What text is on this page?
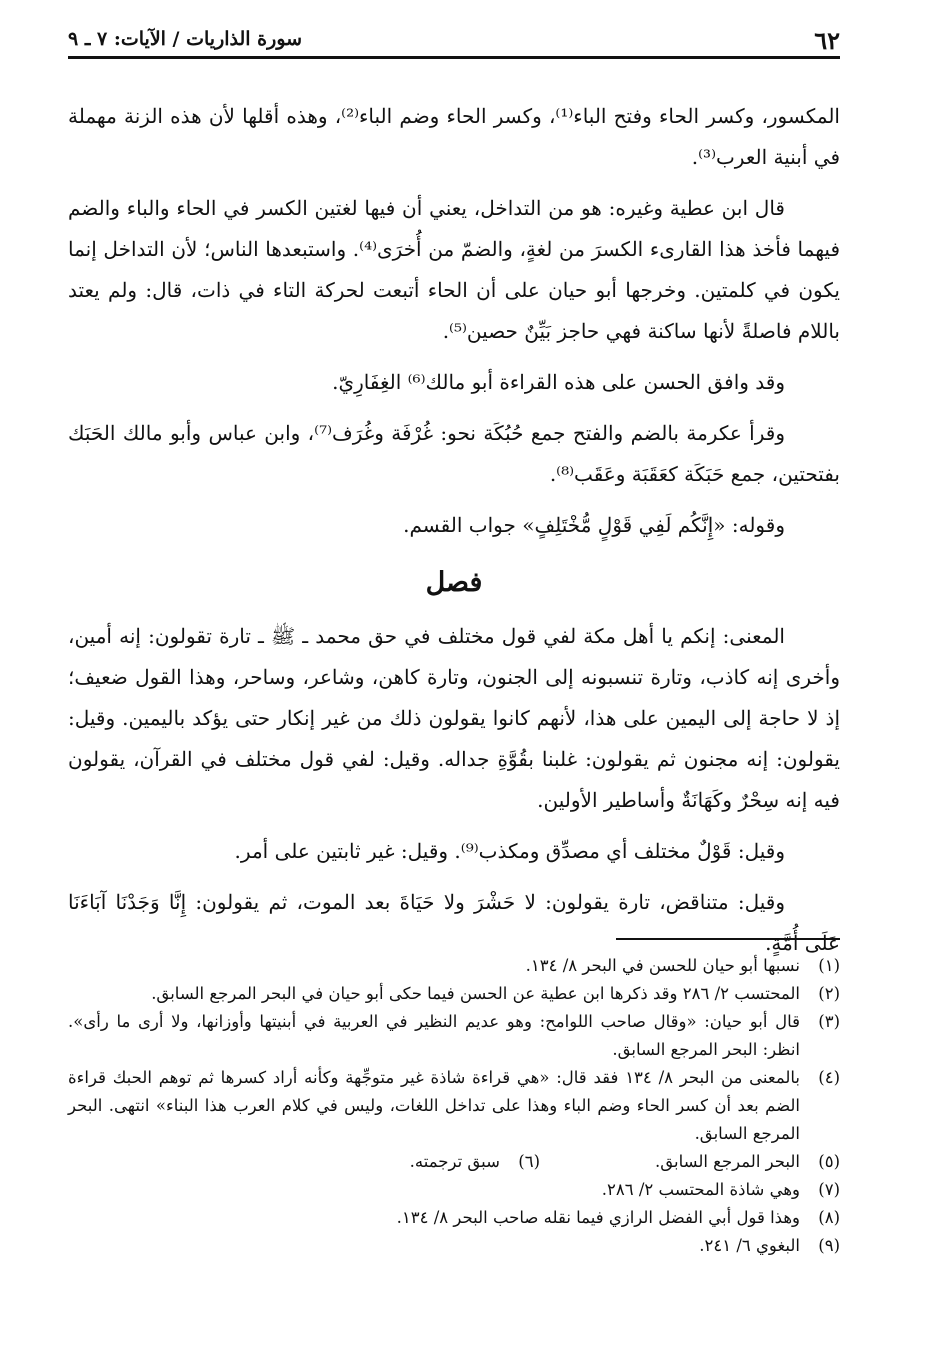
٦٢
سورة الذاريات / الآيات: ٧ ـ ٩

المكسور، وكسر الحاء وفتح الباء⁽¹⁾، وكسر الحاء وضم الباء⁽²⁾، وهذه أقلها لأن هذه الزنة مهملة في أبنية العرب⁽³⁾.

قال ابن عطية وغيره: هو من التداخل، يعني أن فيها لغتين الكسر في الحاء والباء والضم فيهما فأخذ هذا القارىء الكسرَ من لغةٍ، والضمّ من أُخرَى⁽⁴⁾. واستبعدها الناس؛ لأن التداخل إنما يكون في كلمتين. وخرجها أبو حيان على أن الحاء أتبعت لحركة التاء في ذات، قال: ولم يعتد باللام فاصلةً لأنها ساكنة فهي حاجز بَيِّنٌ حصين⁽⁵⁾.

وقد وافق الحسن على هذه القراءة أبو مالك⁽⁶⁾ الغِفَارِيّ.

وقرأ عكرمة بالضم والفتح جمع حُبُكَة نحو: غُرْفَة وغُرَف⁽⁷⁾، وابن عباس وأبو مالك الحَبَك بفتحتين، جمع حَبَكَة كعَقَبَة وعَقَب⁽⁸⁾.

وقوله: «إِنَّكُم لَفِي قَوْلٍ مُّخْتَلِفٍ» جواب القسم.

فصل

المعنى: إنكم يا أهل مكة لفي قول مختلف في حق محمد ـ ﷺ ـ تارة تقولون: إنه أمين، وأخرى إنه كاذب، وتارة تنسبونه إلى الجنون، وتارة كاهن، وشاعر، وساحر، وهذا القول ضعيف؛ إذ لا حاجة إلى اليمين على هذا، لأنهم كانوا يقولون ذلك من غير إنكار حتى يؤكد باليمين. وقيل: يقولون: إنه مجنون ثم يقولون: غلبنا بقُوَّةِ جداله. وقيل: لفي قول مختلف في القرآن، يقولون فيه إنه سِحْرٌ وكَهَانَةٌ وأساطير الأولين.

وقيل: قَوْلٌ مختلف أي مصدِّق ومكذب⁽⁹⁾. وقيل: غير ثابتين على أمر.

وقيل: متناقض، تارة يقولون: لا حَشْرَ ولا حَيَاةَ بعد الموت، ثم يقولون: إِنَّا وَجَدْنَا آبَاءَنَا عَلَى أُمَّةٍ.

(١)
نسبها أبو حيان للحسن في البحر ٨/ ١٣٤.
(٢)
المحتسب ٢/ ٢٨٦ وقد ذكرها ابن عطية عن الحسن فيما حكى أبو حيان في البحر المرجع السابق.
(٣)
قال أبو حيان: «وقال صاحب اللوامح: وهو عديم النظير في العربية في أبنيتها وأوزانها، ولا أرى ما رأى». انظر: البحر المرجع السابق.
(٤)
بالمعنى من البحر ٨/ ١٣٤ فقد قال: «هي قراءة شاذة غير متوجِّهة وكأنه أراد كسرها ثم توهم الحبك قراءة الضم بعد أن كسر الحاء وضم الباء وهذا على تداخل اللغات، وليس في كلام العرب هذا البناء» انتهى. البحر المرجع السابق.
(٥)
البحر المرجع السابق.
(٦)
سبق ترجمته.
(٧)
وهي شاذة المحتسب ٢/ ٢٨٦.
(٨)
وهذا قول أبي الفضل الرازي فيما نقله صاحب البحر ٨/ ١٣٤.
(٩)
البغوي ٦/ ٢٤١.
